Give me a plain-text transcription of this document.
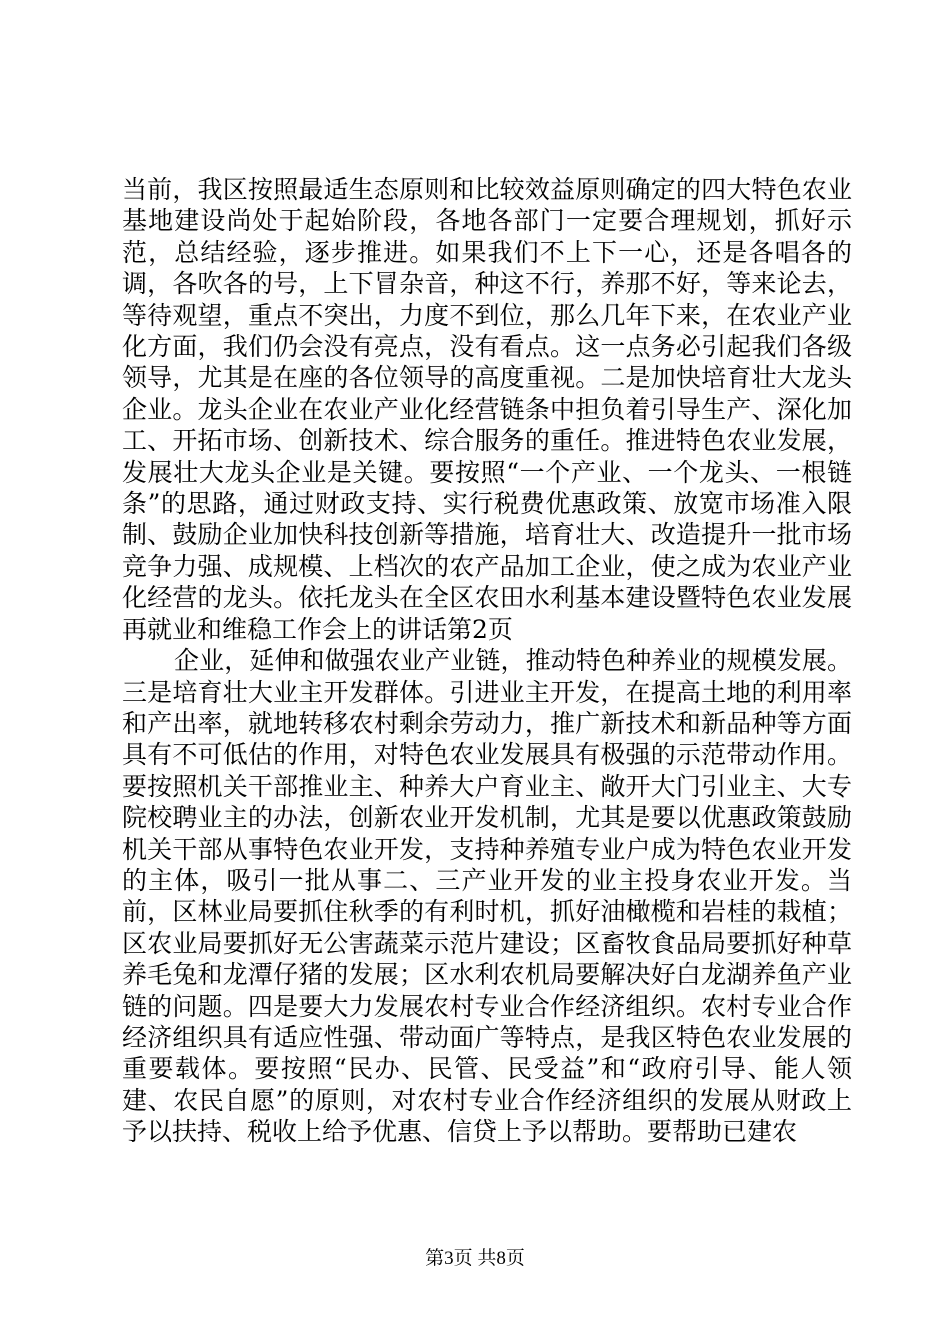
当前，我区按照最适生态原则和比较效益原则确定的四大特色农业基地建设尚处于起始阶段，各地各部门一定要合理规划，抓好示范，总结经验，逐步推进。如果我们不上下一心，还是各唱各的调，各吹各的号，上下冒杂音，种这不行，养那不好，等来论去，等待观望，重点不突出，力度不到位，那么几年下来，在农业产业化方面，我们仍会没有亮点，没有看点。这一点务必引起我们各级领导，尤其是在座的各位领导的高度重视。二是加快培育壮大龙头企业。龙头企业在农业产业化经营链条中担负着引导生产、深化加工、开拓市场、创新技术、综合服务的重任。推进特色农业发展，发展壮大龙头企业是关键。要按照“一个产业、一个龙头、一根链条”的思路，通过财政支持、实行税费优惠政策、放宽市场准入限制、鼓励企业加快科技创新等措施，培育壮大、改造提升一批市场竞争力强、成规模、上档次的农产品加工企业，使之成为农业产业化经营的龙头。依托龙头在全区农田水利基本建设暨特色农业发展再就业和维稳工作会上的讲话第2页

企业，延伸和做强农业产业链，推动特色种养业的规模发展。三是培育壮大业主开发群体。引进业主开发，在提高土地的利用率和产出率，就地转移农村剩余劳动力，推广新技术和新品种等方面具有不可低估的作用，对特色农业发展具有极强的示范带动作用。要按照机关干部推业主、种养大户育业主、敞开大门引业主、大专院校聘业主的办法，创新农业开发机制，尤其是要以优惠政策鼓励机关干部从事特色农业开发，支持种养殖专业户成为特色农业开发的主体，吸引一批从事二、三产业开发的业主投身农业开发。当前，区林业局要抓住秋季的有利时机，抓好油橄榄和岩桂的栽植；区农业局要抓好无公害蔬菜示范片建设；区畜牧食品局要抓好种草养毛兔和龙潭仔猪的发展；区水利农机局要解决好白龙湖养鱼产业链的问题。四是要大力发展农村专业合作经济组织。农村专业合作经济组织具有适应性强、带动面广等特点，是我区特色农业发展的重要载体。要按照“民办、民管、民受益”和“政府引导、能人领建、农民自愿”的原则，对农村专业合作经济组织的发展从财政上予以扶持、税收上给予优惠、信贷上予以帮助。要帮助已建农

第3页 共8页
